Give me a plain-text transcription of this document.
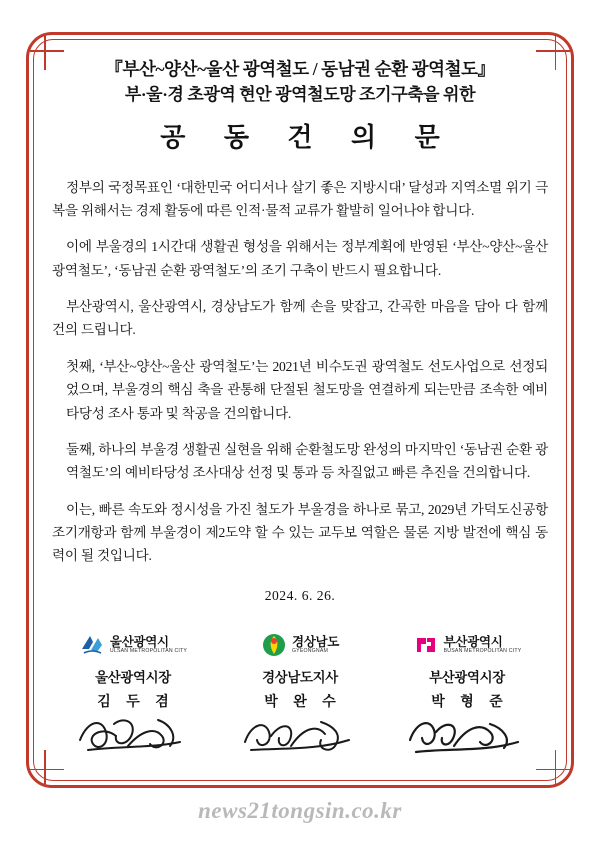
『부산~양산~울산 광역철도 / 동남권 순환 광역철도』
부·울·경 초광역 현안 광역철도망 조기구축을 위한
공 동 건 의 문

정부의 국정목표인 ‘대한민국 어디서나 살기 좋은 지방시대’ 달성과 지역소멸 위기 극복을 위해서는 경제 활동에 따른 인적·물적 교류가 활발히 일어나야 합니다.

이에 부울경의 1시간대 생활권 형성을 위해서는 정부계획에 반영된 ‘부산~양산~울산 광역철도’, ‘동남권 순환 광역철도’의 조기 구축이 반드시 필요합니다.

부산광역시, 울산광역시, 경상남도가 함께 손을 맞잡고, 간곡한 마음을 담아 다 함께 건의 드립니다.

첫째, ‘부산~양산~울산 광역철도’는 2021년 비수도권 광역철도 선도사업으로 선정되었으며, 부울경의 핵심 축을 관통해 단절된 철도망을 연결하게 되는만큼 조속한 예비타당성 조사 통과 및 착공을 건의합니다.

둘째, 하나의 부울경 생활권 실현을 위해 순환철도망 완성의 마지막인 ‘동남권 순환 광역철도’의 예비타당성 조사대상 선정 및 통과 등 차질없고 빠른 추진을 건의합니다.

이는, 빠른 속도와 정시성을 가진 철도가 부울경을 하나로 묶고, 2029년 가덕도신공항 조기개항과 함께 부울경이 제2도약 할 수 있는 교두보 역할은 물론 지방 발전에 핵심 동력이 될 것입니다.

2024. 6. 26.
울산광역시
ULSAN METROPOLITAN CITY
울산광역시장
김 두 겸
경상남도
GYEONGNAM
경상남도지사
박 완 수
부산광역시
BUSAN METROPOLITAN CITY
부산광역시장
박 형 준
news21tongsin.co.kr
